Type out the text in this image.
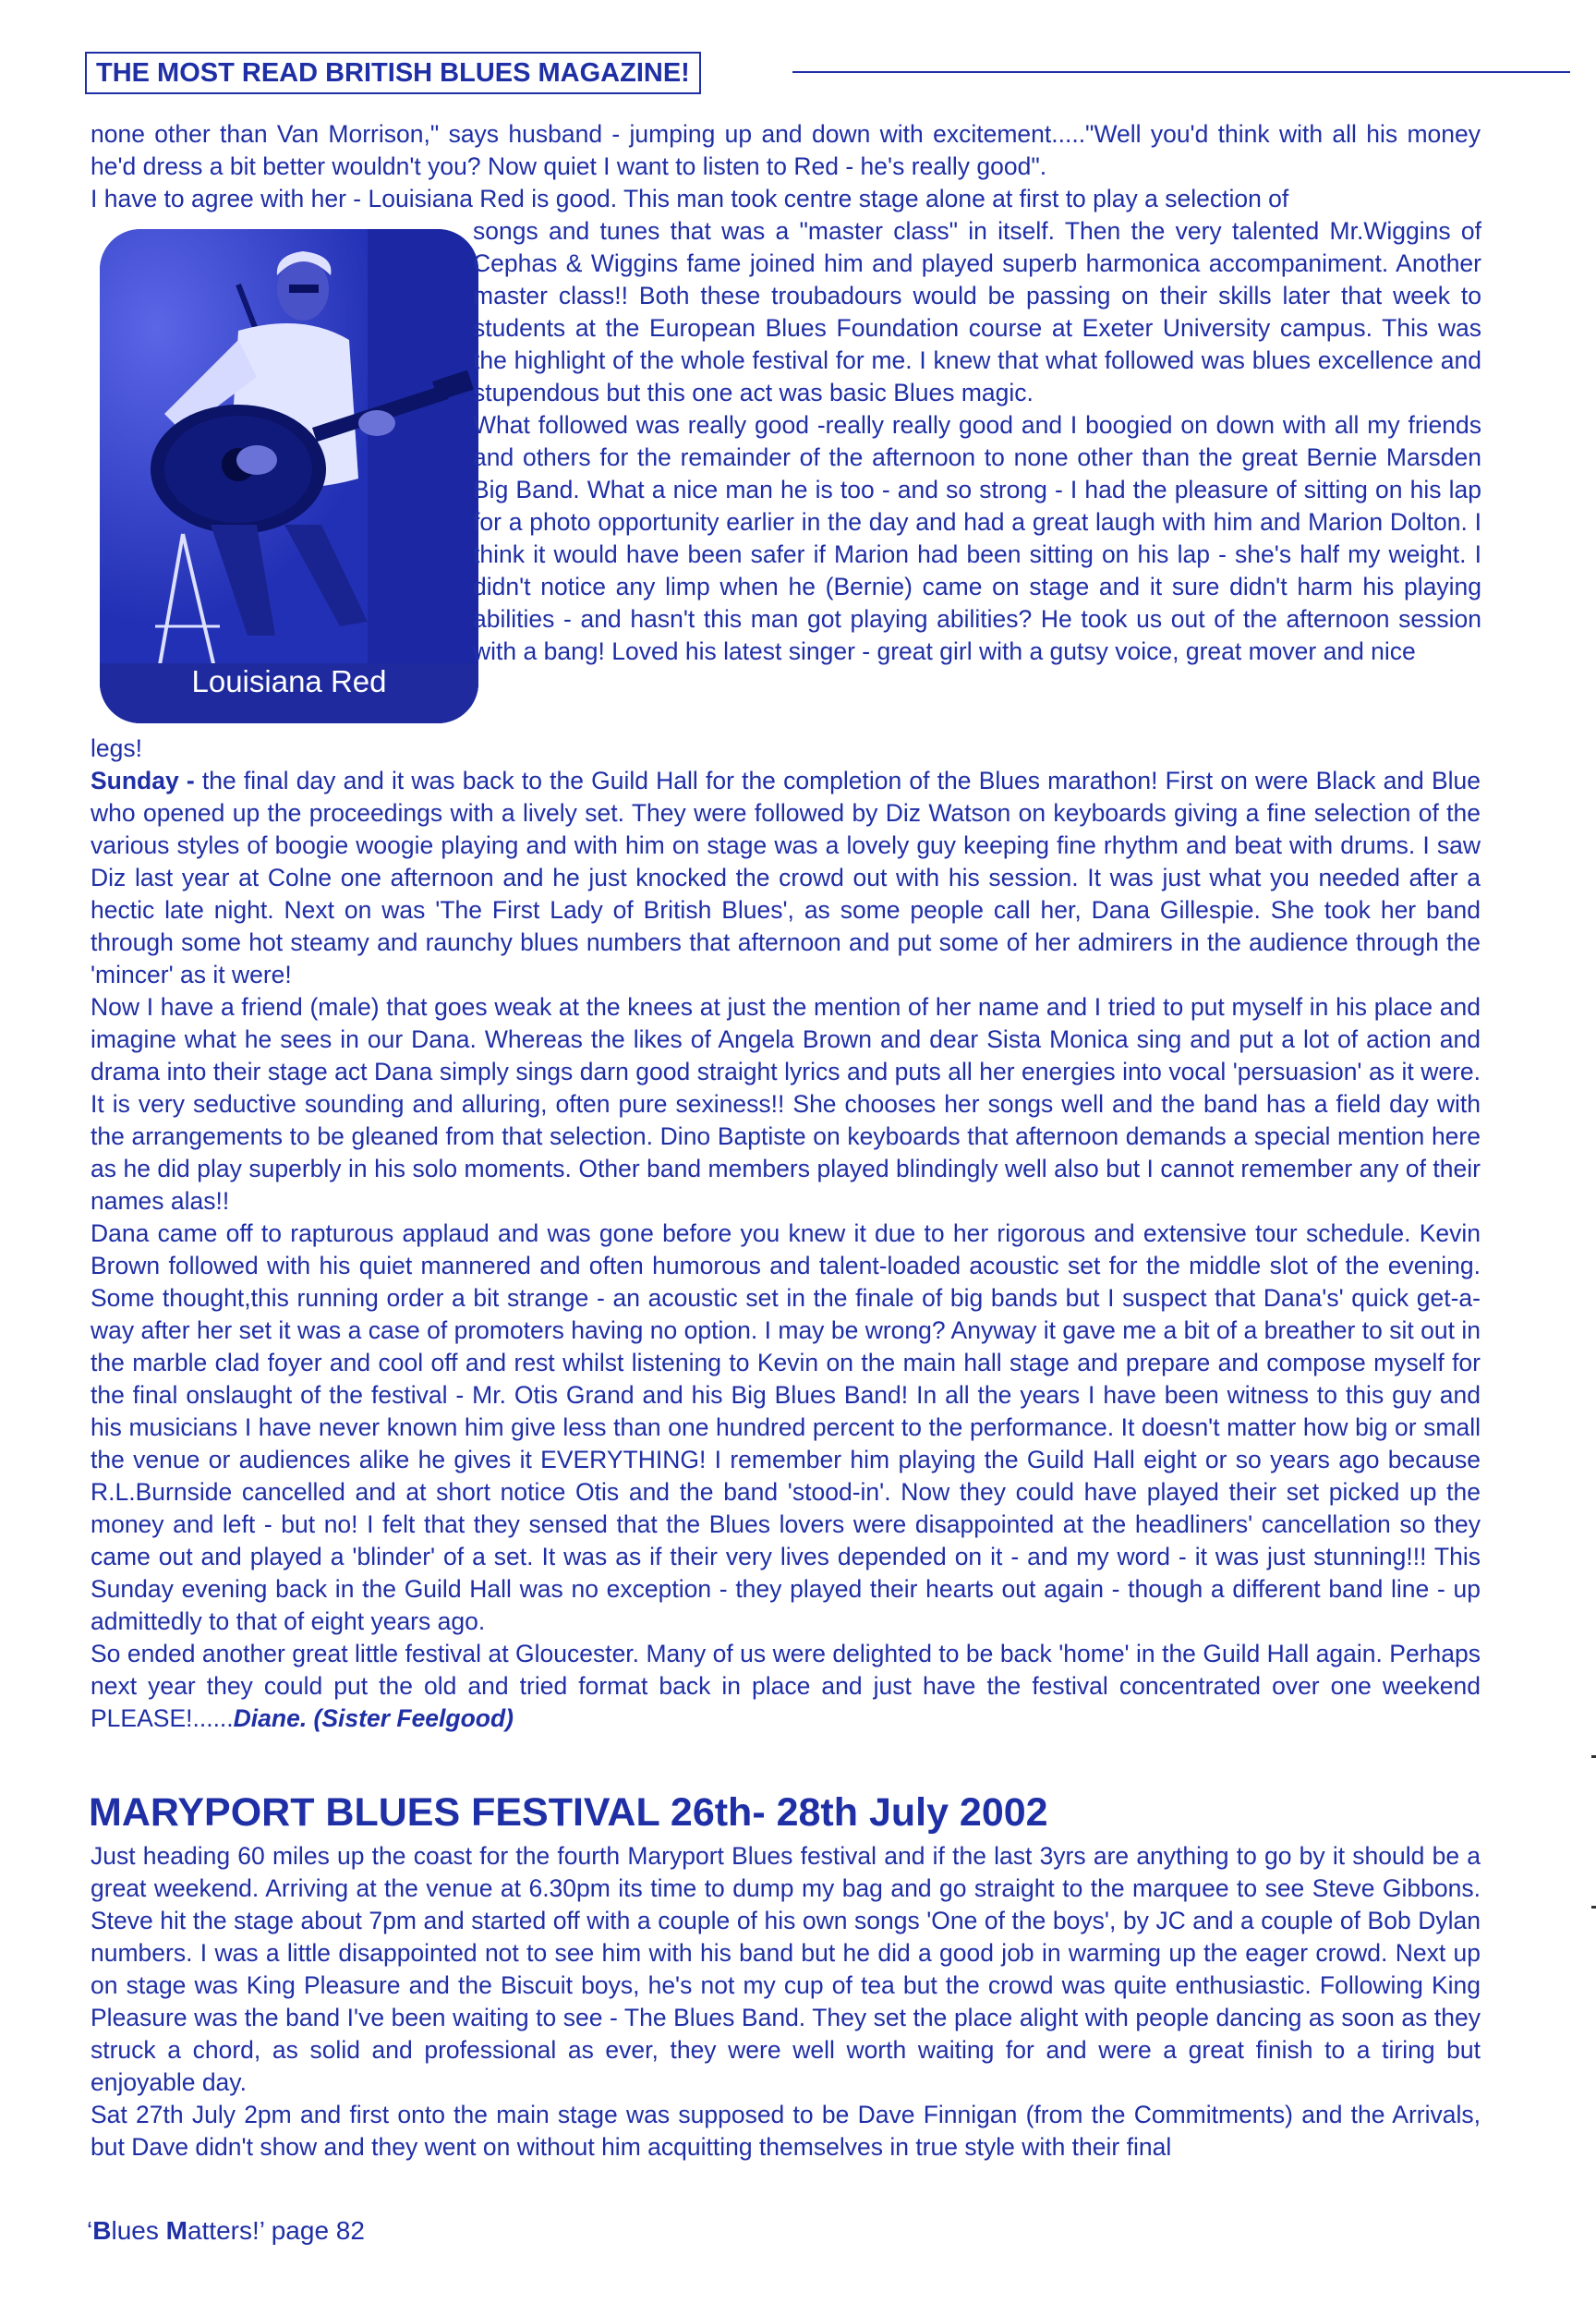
THE MOST READ BRITISH BLUES MAGAZINE!

none other than Van Morrison," says husband - jumping up and down with excitement....."Well you'd think with all his money he'd dress a bit better wouldn't you? Now quiet I want to listen to Red - he's really good".

I have to agree with her - Louisiana Red is good. This man took centre stage alone at first to play a selection of

Louisiana Red

songs and tunes that was a "master class" in itself. Then the very talented Mr.Wiggins of Cephas & Wiggins fame joined him and played superb harmonica accompaniment. Another master class!! Both these troubadours would be passing on their skills later that week to students at the European Blues Foundation course at Exeter University campus. This was the highlight of the whole festival for me. I knew that what followed was blues excellence and stupendous but this one act was basic Blues magic.

What followed was really good -really really good and I boogied on down with all my friends and others for the remainder of the afternoon to none other than the great Bernie Marsden Big Band. What a nice man he is too - and so strong - I had the pleasure of sitting on his lap for a photo opportunity earlier in the day and had a great laugh with him and Marion Dolton. I think it would have been safer if Marion had been sitting on his lap - she's half my weight. I didn't notice any limp when he (Bernie) came on stage and it sure didn't harm his playing abilities - and hasn't this man got playing abilities? He took us out of the afternoon session with a bang! Loved his latest singer - great girl with a gutsy voice, great mover and nice

legs!

Sunday - the final day and it was back to the Guild Hall for the completion of the Blues marathon! First on were Black and Blue who opened up the proceedings with a lively set. They were followed by Diz Watson on keyboards giving a fine selection of the various styles of boogie woogie playing and with him on stage was a lovely guy keeping fine rhythm and beat with drums. I saw Diz last year at Colne one afternoon and he just knocked the crowd out with his session. It was just what you needed after a hectic late night. Next on was 'The First Lady of British Blues', as some people call her, Dana Gillespie. She took her band through some hot steamy and raunchy blues numbers that afternoon and put some of her admirers in the audience through the 'mincer' as it were!

Now I have a friend (male) that goes weak at the knees at just the mention of her name and I tried to put myself in his place and imagine what he sees in our Dana. Whereas the likes of Angela Brown and dear Sista Monica sing and put a lot of action and drama into their stage act Dana simply sings darn good straight lyrics and puts all her energies into vocal 'persuasion' as it were. It is very seductive sounding and alluring, often pure sexiness!! She chooses her songs well and the band has a field day with the arrangements to be gleaned from that selection. Dino Baptiste on keyboards that afternoon demands a special mention here as he did play superbly in his solo moments. Other band members played blindingly well also but I cannot remember any of their names alas!!

Dana came off to rapturous applaud and was gone before you knew it due to her rigorous and extensive tour schedule. Kevin Brown followed with his quiet mannered and often humorous and talent-loaded acoustic set for the middle slot of the evening. Some thought,this running order a bit strange - an acoustic set in the finale of big bands but I suspect that Dana's' quick get-a-way after her set it was a case of promoters having no option. I may be wrong? Anyway it gave me a bit of a breather to sit out in the marble clad foyer and cool off and rest whilst listening to Kevin on the main hall stage and prepare and compose myself for the final onslaught of the festival - Mr. Otis Grand and his Big Blues Band! In all the years I have been witness to this guy and his musicians I have never known him give less than one hundred percent to the performance. It doesn't matter how big or small the venue or audiences alike he gives it EVERYTHING! I remember him playing the Guild Hall eight or so years ago because R.L.Burnside cancelled and at short notice Otis and the band 'stood-in'. Now they could have played their set picked up the money and left - but no! I felt that they sensed that the Blues lovers were disappointed at the headliners' cancellation so they came out and played a 'blinder' of a set. It was as if their very lives depended on it - and my word - it was just stunning!!! This Sunday evening back in the Guild Hall was no exception - they played their hearts out again - though a different band line - up admittedly to that of eight years ago.

So ended another great little festival at Gloucester. Many of us were delighted to be back 'home' in the Guild Hall again. Perhaps next year they could put the old and tried format back in place and just have the festival concentrated over one weekend PLEASE!......Diane. (Sister Feelgood)

MARYPORT BLUES FESTIVAL 26th- 28th July 2002

Just heading 60 miles up the coast for the fourth Maryport Blues festival and if the last 3yrs are anything to go by it should be a great weekend. Arriving at the venue at 6.30pm its time to dump my bag and go straight to the marquee to see Steve Gibbons. Steve hit the stage about 7pm and started off with a couple of his own songs 'One of the boys', by JC and a couple of Bob Dylan numbers. I was a little disappointed not to see him with his band but he did a good job in warming up the eager crowd. Next up on stage was King Pleasure and the Biscuit boys, he's not my cup of tea but the crowd was quite enthusiastic. Following King Pleasure was the band I've been waiting to see - The Blues Band. They set the place alight with people dancing as soon as they struck a chord, as solid and professional as ever, they were well worth waiting for and were a great finish to a tiring but enjoyable day.

Sat 27th July 2pm and first onto the main stage was supposed to be Dave Finnigan (from the Commitments) and the Arrivals, but Dave didn't show and they went on without him acquitting themselves in true style with their final

‘Blues Matters!’ page 82
